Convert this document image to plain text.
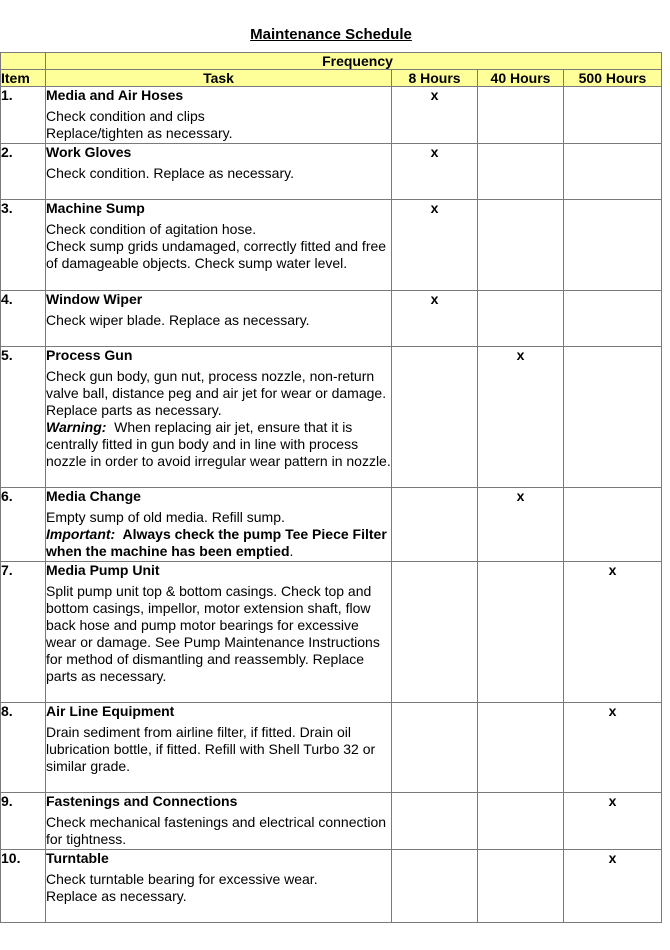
Maintenance Schedule
	Frequency			
Item	Task	8 Hours	40 Hours	500 Hours
1.	Media and Air Hoses
Check condition and clips
Replace/tighten as necessary.	x		
2.	Work Gloves
Check condition. Replace as necessary.	x		
3.	Machine Sump
Check condition of agitation hose.
Check sump grids undamaged, correctly fitted and free of damageable objects. Check sump water level.	x		
4.	Window Wiper
Check wiper blade. Replace as necessary.	x		
5.	Process Gun
Check gun body, gun nut, process nozzle, non-return valve ball, distance peg and air jet for wear or damage. Replace parts as necessary.
Warning:  When replacing air jet, ensure that it is centrally fitted in gun body and in line with process nozzle in order to avoid irregular wear pattern in nozzle.		x	
6.	Media Change
Empty sump of old media. Refill sump.
Important:  Always check the pump Tee Piece Filter when the machine has been emptied.		x	
7.	Media Pump Unit
Split pump unit top & bottom casings. Check top and bottom casings, impellor, motor extension shaft, flow back hose and pump motor bearings for excessive wear or damage. See Pump Maintenance Instructions for method of dismantling and reassembly. Replace parts as necessary.			x
8.	Air Line Equipment
Drain sediment from airline filter, if fitted. Drain oil lubrication bottle, if fitted. Refill with Shell Turbo 32 or similar grade.			x
9.	Fastenings and Connections
Check mechanical fastenings and electrical connection for tightness.			x
10.	Turntable
Check turntable bearing for excessive wear.
Replace as necessary.			x
